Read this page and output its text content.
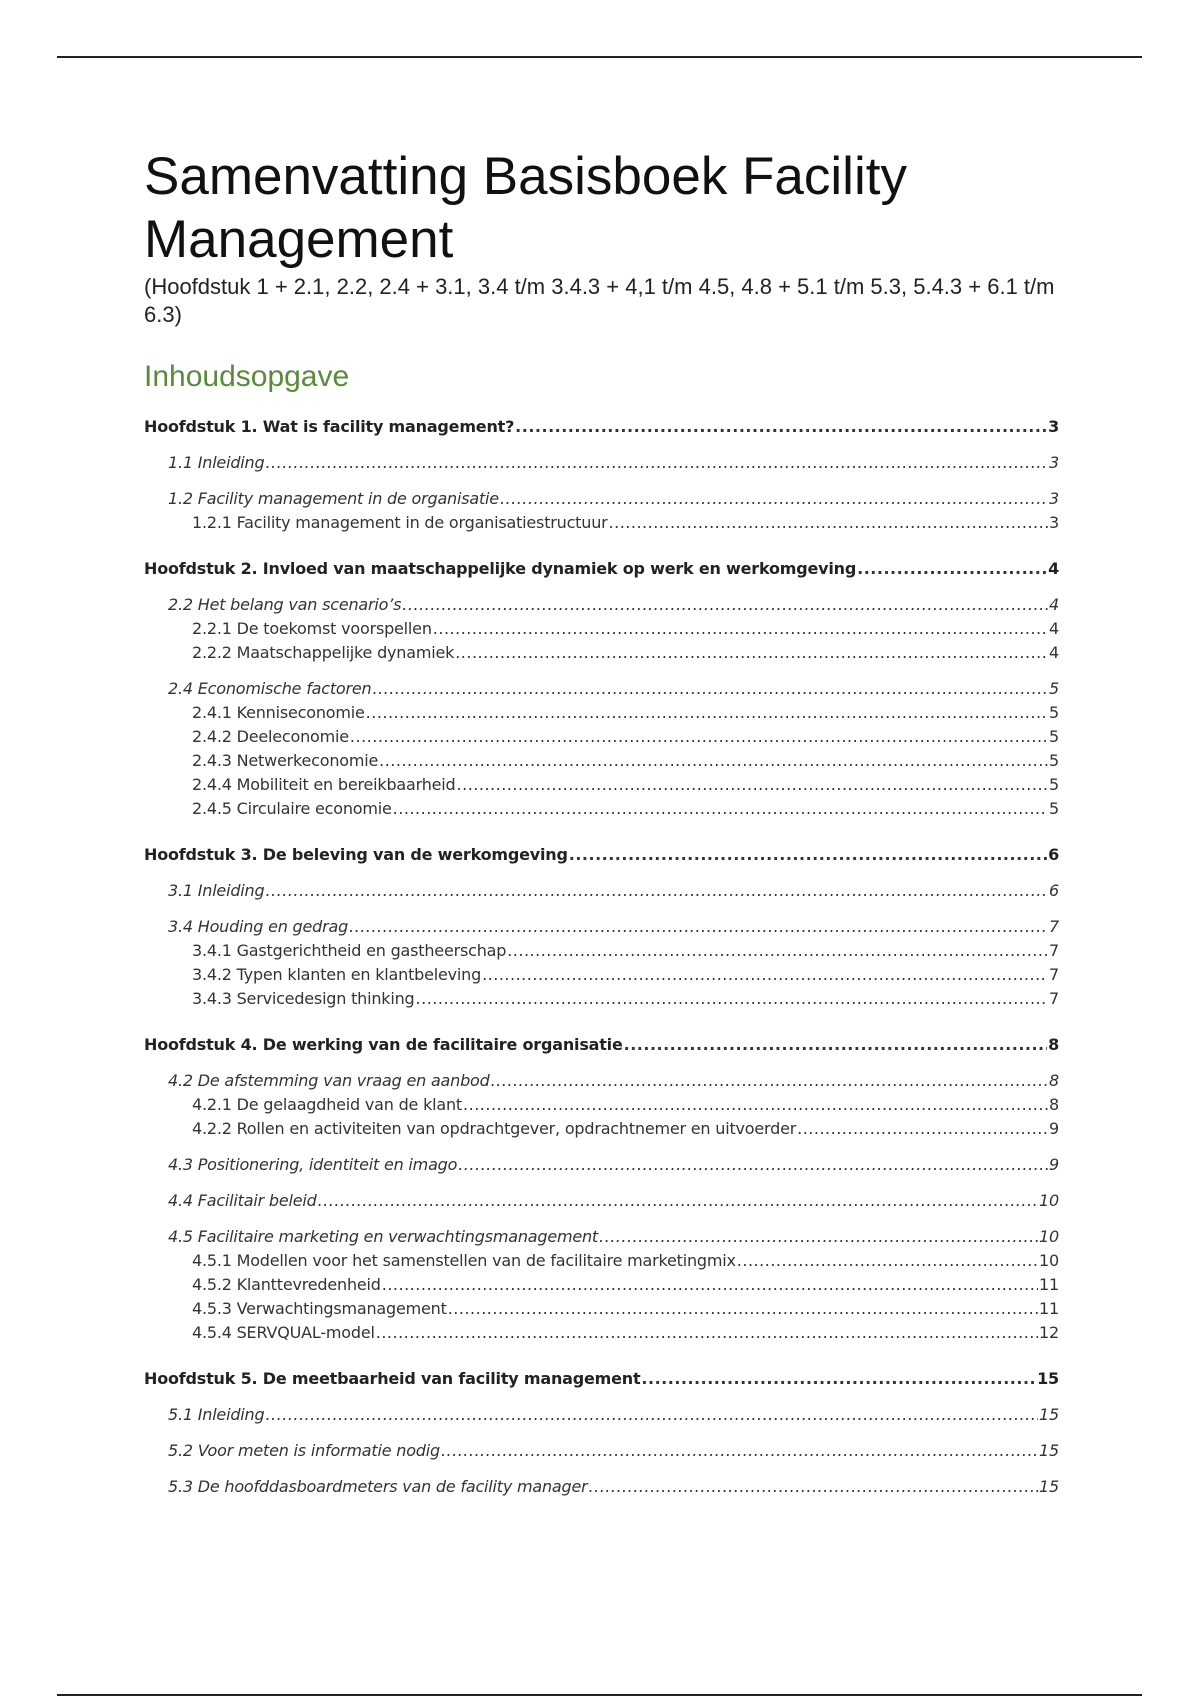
Samenvatting Basisboek Facility
Management
(Hoofdstuk 1 + 2.1, 2.2, 2.4 + 3.1, 3.4 t/m 3.4.3 + 4,1 t/m 4.5, 4.8 + 5.1 t/m 5.3, 5.4.3 + 6.1 t/m 6.3)
Inhoudsopgave
Hoofdstuk 1. Wat is facility management? .....	3
1.1 Inleiding .....	3
1.2 Facility management in de organisatie .....	3
1.2.1 Facility management in de organisatiestructuur .....	3
Hoofdstuk 2. Invloed van maatschappelijke dynamiek op werk en werkomgeving .....	4
2.2 Het belang van scenario’s .....	4
2.2.1 De toekomst voorspellen .....	4
2.2.2 Maatschappelijke dynamiek .....	4
2.4 Economische factoren .....	5
2.4.1 Kenniseconomie .....	5
2.4.2 Deeleconomie .....	5
2.4.3 Netwerkeconomie .....	5
2.4.4 Mobiliteit en bereikbaarheid .....	5
2.4.5 Circulaire economie .....	5
Hoofdstuk 3. De beleving van de werkomgeving .....	6
3.1 Inleiding .....	6
3.4 Houding en gedrag .....	7
3.4.1 Gastgerichtheid en gastheerschap .....	7
3.4.2 Typen klanten en klantbeleving .....	7
3.4.3 Servicedesign thinking .....	7
Hoofdstuk 4. De werking van de facilitaire organisatie .....	8
4.2 De afstemming van vraag en aanbod .....	8
4.2.1 De gelaagdheid van de klant .....	8
4.2.2 Rollen en activiteiten van opdrachtgever, opdrachtnemer en uitvoerder .....	9
4.3 Positionering, identiteit en imago .....	9
4.4 Facilitair beleid .....	10
4.5 Facilitaire marketing en verwachtingsmanagement .....	10
4.5.1 Modellen voor het samenstellen van de facilitaire marketingmix .....	10
4.5.2 Klanttevredenheid .....	11
4.5.3 Verwachtingsmanagement .....	11
4.5.4 SERVQUAL-model .....	12
Hoofdstuk 5. De meetbaarheid van facility management .....	15
5.1 Inleiding .....	15
5.2 Voor meten is informatie nodig .....	15
5.3 De hoofddasboardmeters van de facility manager .....	15
